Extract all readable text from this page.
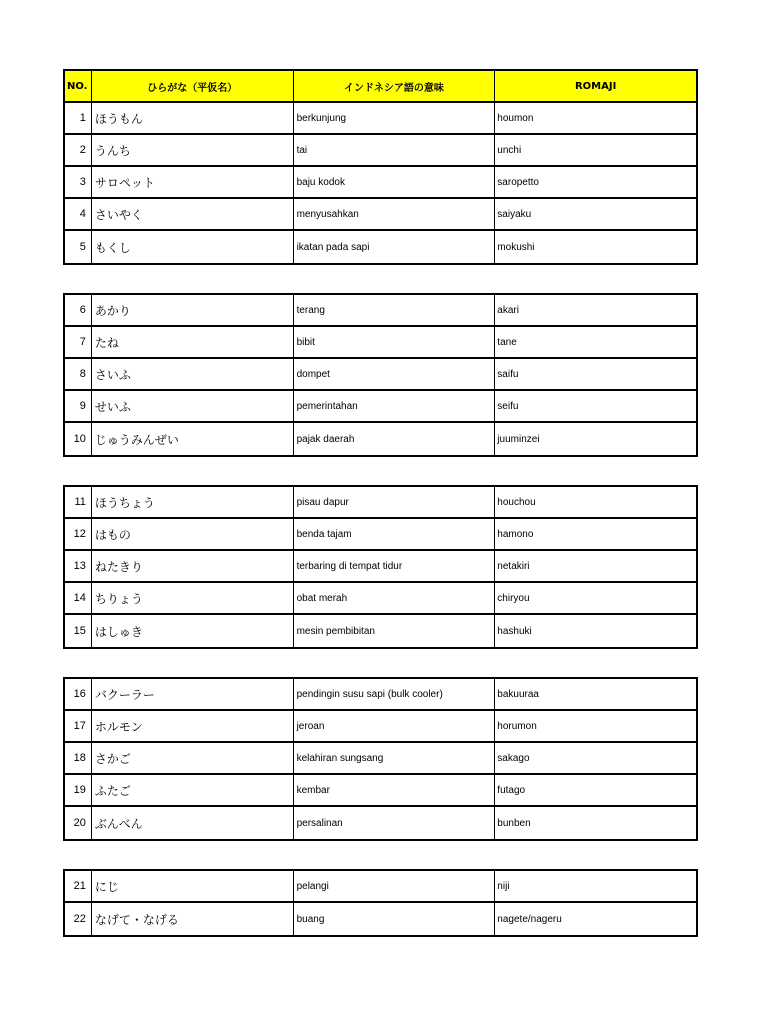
NO.	ひらがな（平仮名）	インドネシア語の意味	ROMAJI
1 ほうもん	berkunjung	houmon
2 うんち	tai	unchi
3 サロペット	baju kodok	saropetto
4 さいやく	menyusahkan	saiyaku
5 もくし	ikatan pada sapi	mokushi
6 あかり	terang	akari
7 たね	bibit	tane
8 さいふ	dompet	saifu
9 せいふ	pemerintahan	seifu
10 じゅうみんぜい	pajak daerah	juuminzei
11 ほうちょう	pisau dapur	houchou
12 はもの	benda tajam	hamono
13 ねたきり	terbaring di tempat tidur	netakiri
14 ちりょう	obat merah	chiryou
15 はしゅき	mesin pembibitan	hashuki
16 バクーラー	pendingin susu sapi (bulk cooler)	bakuuraa
17 ホルモン	jeroan	horumon
18 さかご	kelahiran sungsang	sakago
19 ふたご	kembar	futago
20 ぶんべん	persalinan	bunben
21 にじ	pelangi	niji
22 なげて・なげる	buang	nagete/nageru
